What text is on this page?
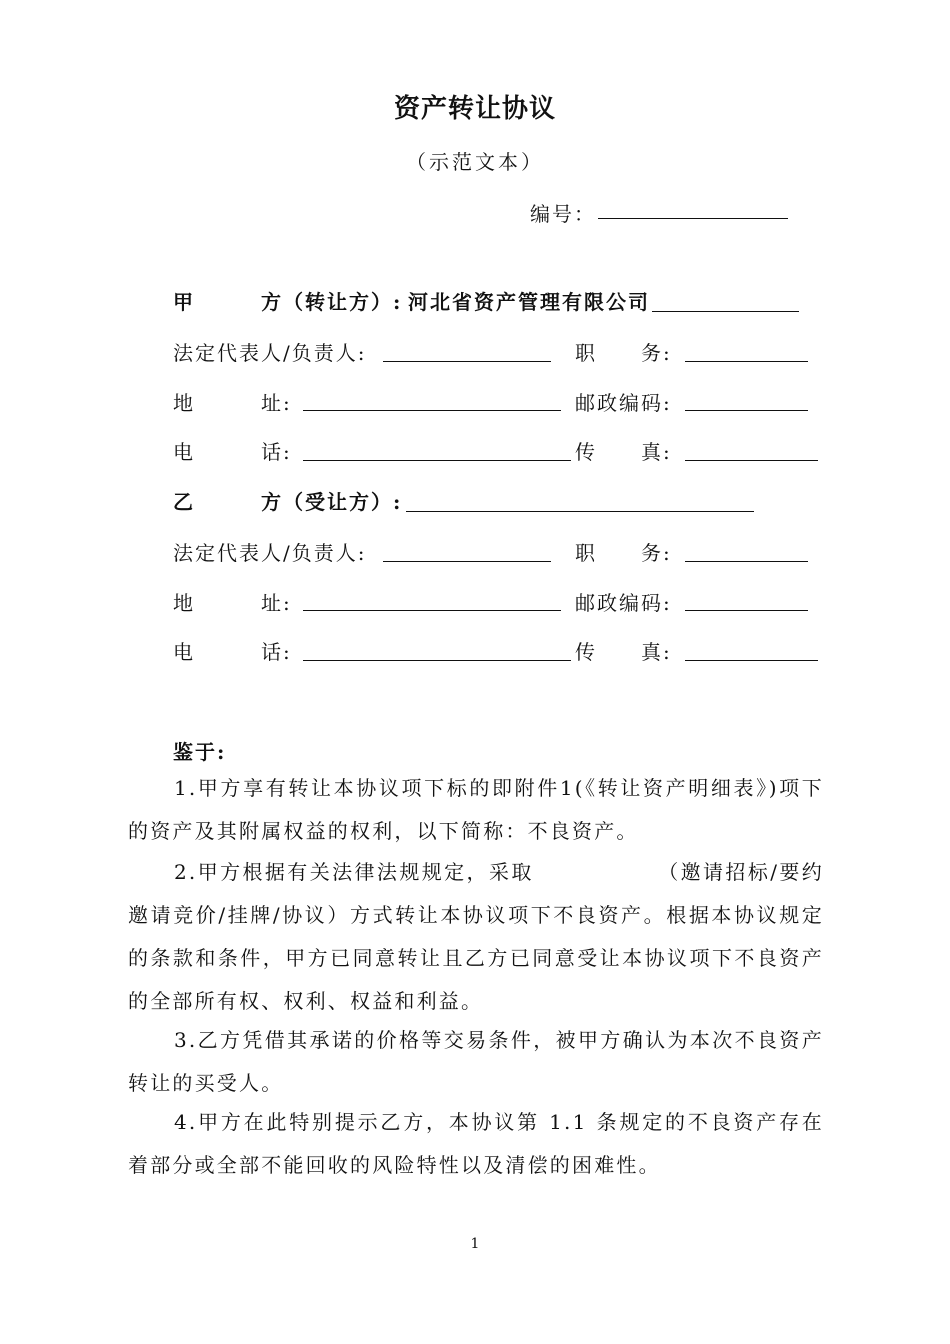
资产转让协议
（示范文本）
编号：
甲	方（转让方）: 河北省资产管理有限公司
法定代表人/负责人:	职 务:
地	址:	邮政编码:
电	话:	传 真:
乙	方（受让方）:
法定代表人/负责人:	职 务:
地	址:	邮政编码:
电	话:	传 真:
鉴于:
1.甲方享有转让本协议项下标的即附件1(《转让资产明细表》)项下的资产及其附属权益的权利，以下简称：不良资产。
2.甲方根据有关法律法规规定，采取　　　　　　（邀请招标/要约邀请竞价/挂牌/协议）方式转让本协议项下不良资产。根据本协议规定的条款和条件，甲方已同意转让且乙方已同意受让本协议项下不良资产的全部所有权、权利、权益和利益。
3.乙方凭借其承诺的价格等交易条件，被甲方确认为本次不良资产转让的买受人。
4.甲方在此特别提示乙方，本协议第 1.1 条规定的不良资产存在着部分或全部不能回收的风险特性以及清偿的困难性。
1
